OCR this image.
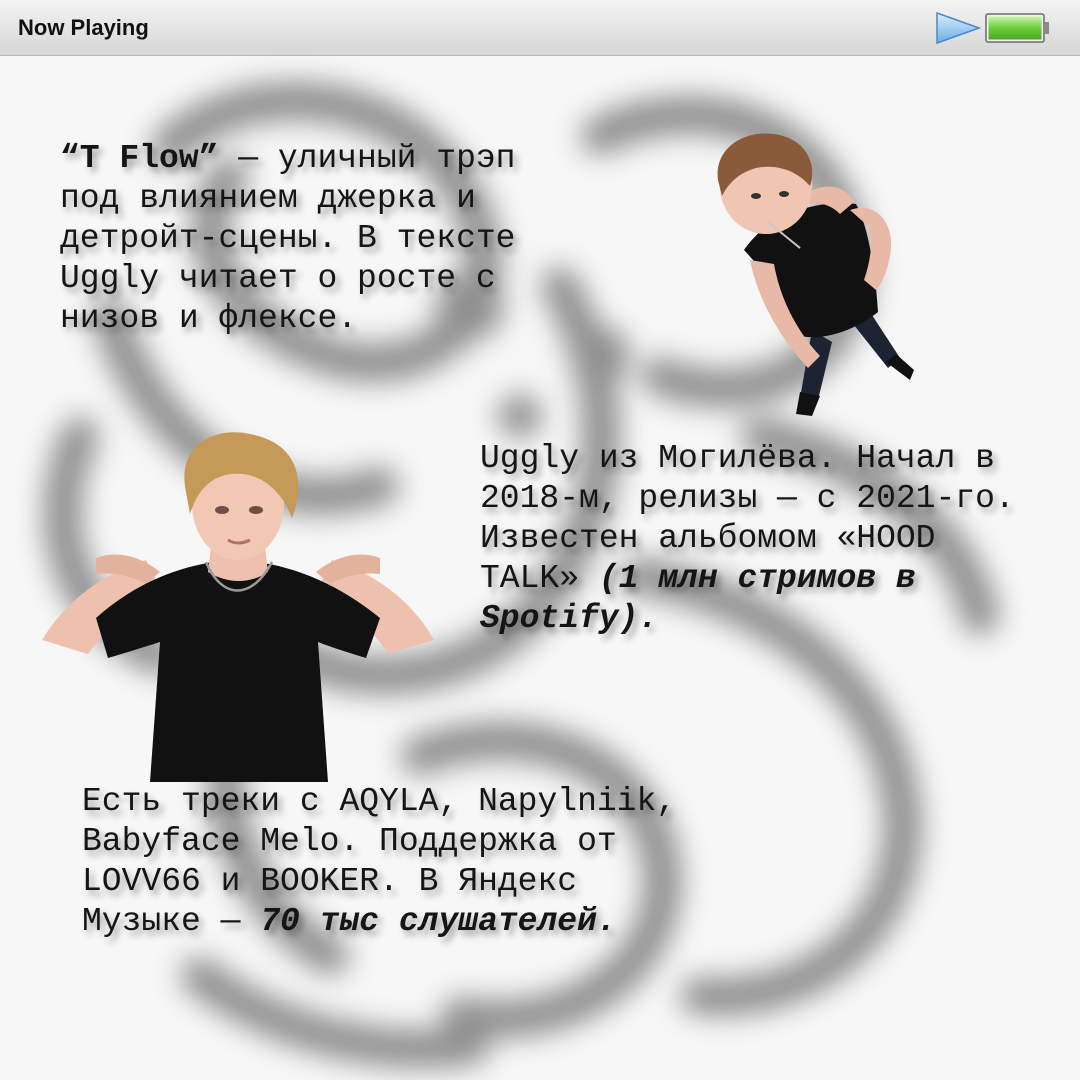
Now Playing

“T Flow” — уличный трэп под влиянием джерка и детройт-сцены. В тексте Uggly читает о росте с низов и флексе.

Uggly из Могилёва. Начал в 2018-м, релизы — с 2021-го. Известен альбомом «HOOD TALK» (1 млн стримов в Spotify).

Есть треки с AQYLA, Napylniik, Babyface Melo. Поддержка от LOVV66 и BOOKER. В Яндекс Музыке — 70 тыс слушателей.
